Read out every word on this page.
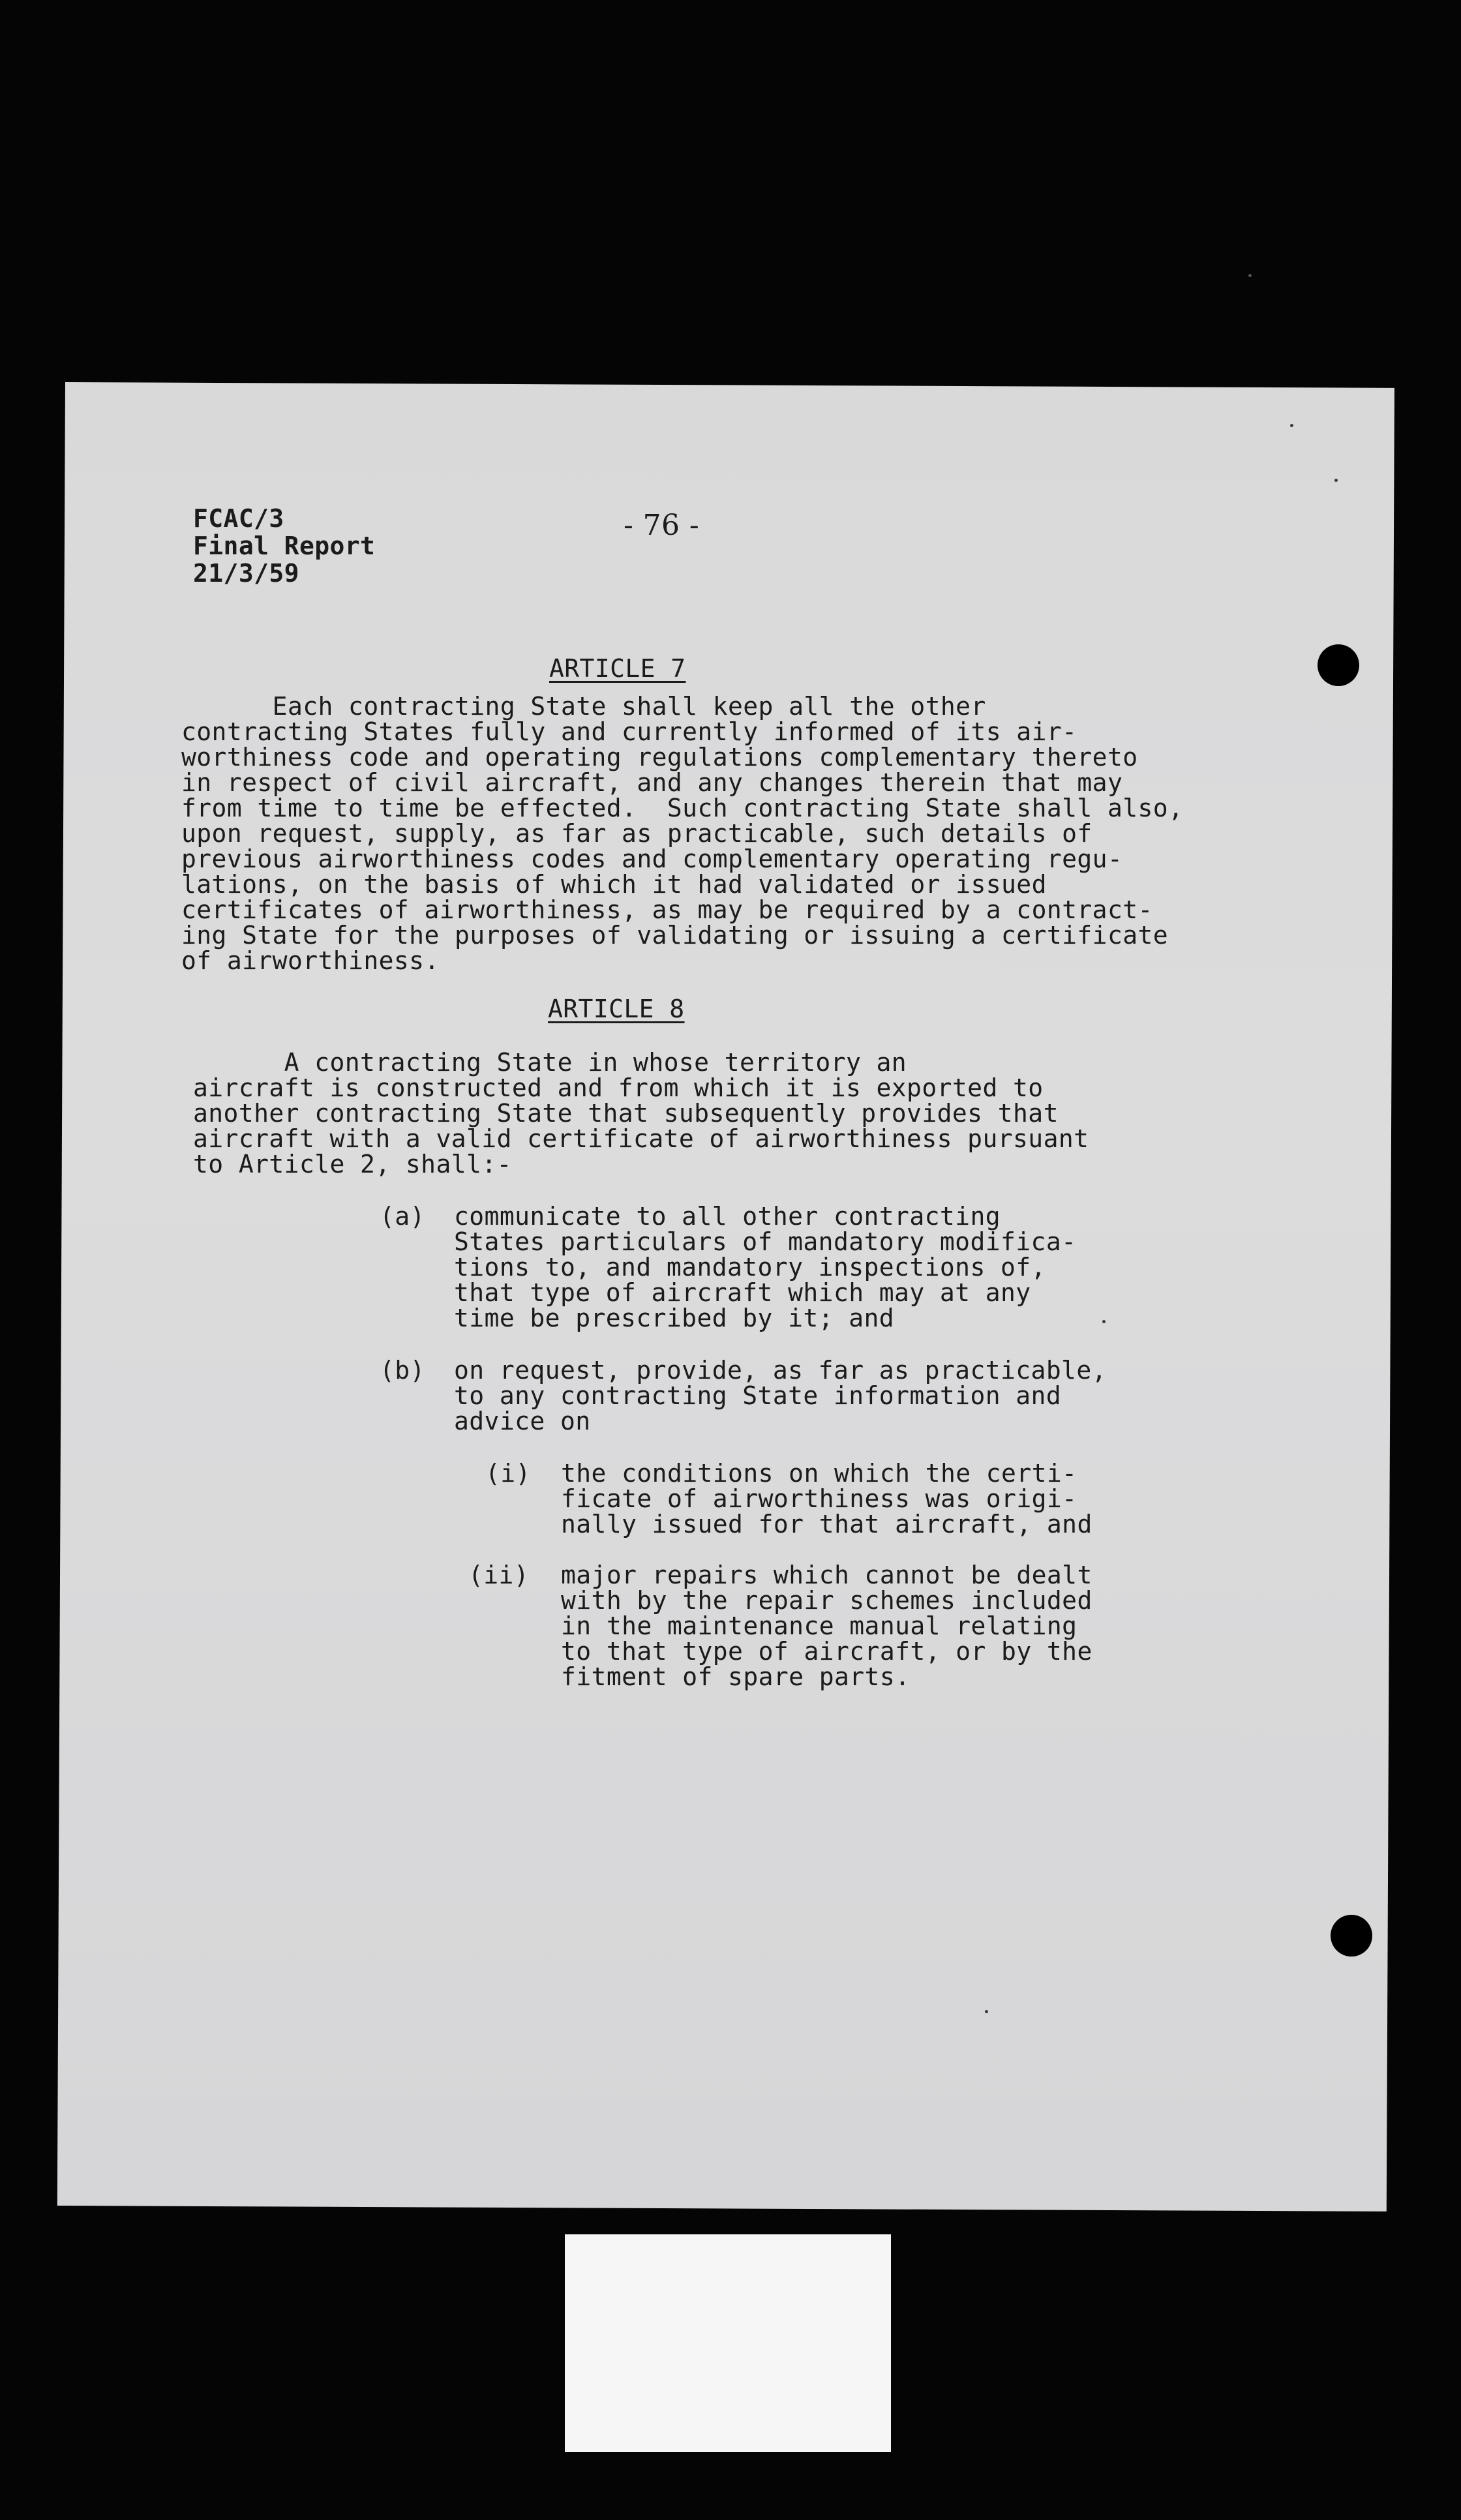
FCAC/3
Final Report
21/3/59
- 76 -
ARTICLE 7
Each contracting State shall keep all the other
contracting States fully and currently informed of its air-
worthiness code and operating regulations complementary thereto
in respect of civil aircraft, and any changes therein that may
from time to time be effected.  Such contracting State shall also,
upon request, supply, as far as practicable, such details of
previous airworthiness codes and complementary operating regu-
lations, on the basis of which it had validated or issued
certificates of airworthiness, as may be required by a contract-
ing State for the purposes of validating or issuing a certificate
of airworthiness.
ARTICLE 8
A contracting State in whose territory an
aircraft is constructed and from which it is exported to
another contracting State that subsequently provides that
aircraft with a valid certificate of airworthiness pursuant
to Article 2, shall:-
(a) communicate to all other contracting
States particulars of mandatory modifica-
tions to, and mandatory inspections of,
that type of aircraft which may at any
time be prescribed by it; and
(b) on request, provide, as far as practicable,
to any contracting State information and
advice on
(i) the conditions on which the certi-
ficate of airworthiness was origi-
nally issued for that aircraft, and
(ii) major repairs which cannot be dealt
with by the repair schemes included
in the maintenance manual relating
to that type of aircraft, or by the
fitment of spare parts.
